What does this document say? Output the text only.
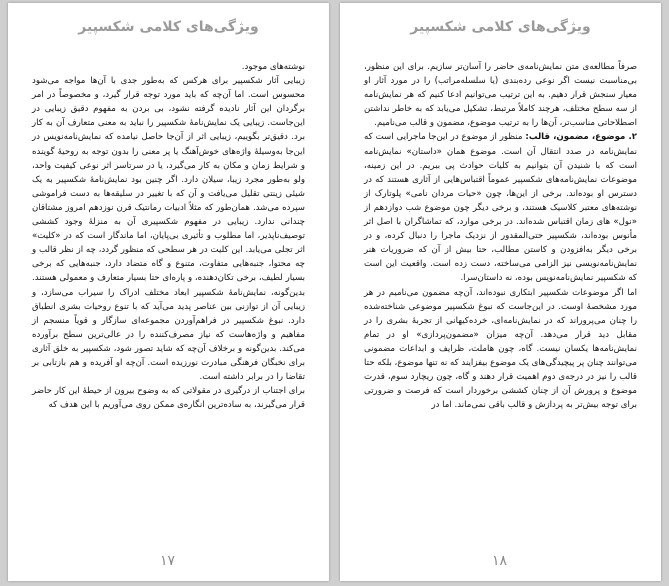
ویژگی‌های کلامی شکسپیر

نوشته‌های موجود.

زیبایی آثار شکسپیر برای هرکس که به‌طور جدی با آن‌ها مواجه می‌شود محسوس است. اما آن‌چه که باید مورد توجه قرار گیرد، و مخصوصاً در امر برگردان این آثار نادیده گرفته نشود، بی بردن به مفهوم دقیق زیبایی در این‌جاست. زیبایی یک نمایش‌نامهٔ شکسپیر را نباید به معنی متعارف آن به کار برد. دقیق‌تر بگوییم، زیبایی اثر از آن‌جا حاصل نیامده که نمایش‌نامه‌نویس در این‌جا به‌وسیلهٔ واژه‌های خوش‌آهنگ یا پر معنی را بدون توجه به روحیهٔ گوینده و شرایط زمان و مکان به کار می‌گیرد، یا در سرتاسر اثر نوعی کیفیت واحد، ولو به‌طور مجرد زیبا، سیلان دارد. اگر چنین بود نمایش‌نامهٔ شکسپیر به یک شیئی زینتی تقلیل می‌یافت و آن که با تغییر در سلیقه‌ها به دست فراموشی سپرده می‌شد. همان‌طور که مثلاً ادبیات رمانتیک قرن نوزدهم امروز مشتاقان چندانی ندارد. زیبایی در مفهوم شکسپیری آن به منزلهٔ وجود کششی توصیف‌ناپذیر، اما مطلوب و تأثیری بی‌پایان، اما ماندگار است که در «کلیت» اثر تجلی می‌یابد. این کلیت در هر سطحی که منظور گردد، چه از نظر قالب و چه محتوا، جنبه‌هایی متفاوت، متنوع و گاه متضاد دارد، جنبه‌هایی که برخی بسیار لطیف، برخی تکان‌دهنده، و پاره‌ای حتا بسیار متعارف و معمولی هستند. بدین‌گونه، نمایش‌نامهٔ شکسپیر ابعاد مختلف ادراک را سیراب می‌سازد، و زیبایی آن از توازنی بین عناصر پدید می‌آید که با تنوع روحیات بشری انطباق دارد. نبوغ شکسپیر در فراهم‌آوردن مجموعه‌ای سازگار و قویاً منسجم از مفاهیم و واژه‌هاست که نیاز مصرف‌کننده را در عالی‌ترین سطح برآورده می‌کند. بدین‌گونه و برخلاف آن‌چه که شاید تصور شود، شکسپیر به خلق آثاری برای نخبگان فرهنگی مبادرت نورزیده است. آن‌چه او آفریده و هم بازتابی بر تقاضا را در برابر داشته است.

برای اجتناب از درگیری در مقولاتی که به وضوح بیرون از حیطهٔ این کار حاضر قرار می‌گیرند، به ساده‌ترین انگاره‌ی ممکن روی می‌آوریم با این هدف که

۱۷
ویژگی‌های کلامی شکسپیر

صرفاً مطالعه‌ی متن نمایش‌نامه‌ی حاضر را آسان‌تر سازیم. برای این منظور، بی‌مناسبت نیست اگر نوعی رده‌بندی (یا سلسله‌مراتب) را در مورد آثار او معیار سنجش قرار دهیم. به این ترتیب می‌توانیم ادعا کنیم که هر نمایش‌نامه از سه سطح مختلف، هرچند کاملاً مرتبط، تشکیل می‌یابد که به خاطر نداشتن اصطلاحاتی مناسب‌تر، آن‌ها را به ترتیب موضوع، مضمون و قالب می‌نامیم.

۲. موضوع، مضمون، قالب: منظور از موضوع در این‌جا ماجرایی است که نمایش‌نامه در صدد انتقال آن است. موضوع همان «داستان» نمایش‌نامه است که با شنیدن آن بتوانیم به کلیات حوادث پی ببریم. در این زمینه، موضوعات نمایش‌نامه‌های شکسپیر عموماً اقتباس‌هایی از آثاری هستند که در دسترس او بوده‌اند. برخی از این‌ها، چون «حیات مردان نامی» پلوتارک از نوشته‌های معتبر کلاسیک هستند، و برخی دیگر چون موضوع شب دوازدهم از «نول» های زمان اقتباس شده‌اند. در برخی موارد، که تماشاگران با اصل اثر مأنوس بوده‌اند، شکسپیر حتی‌المقدور از نزدیک ماجرا را دنبال کرده، و در برخی دیگر به‌افزودن و کاستن مطالب، حتا بیش از آن که ضروریات هنر نمایش‌نامه‌نویسی نیز الزامی می‌ساخته، دست زده است. واقعیت این است که شکسپیر نمایش‌نامه‌نویس بوده، نه داستان‌سرا.

اما اگر موضوعات شکسپیر ابتکاری نبوده‌اند، آن‌چه مضمون می‌نامیم در هر مورد مشخصهٔ اوست. در این‌جاست که نبوغ شکسپیر موضوعی شناخته‌شده را چنان می‌پروراند که در نمایش‌نامه‌ای، خرده‌کیهانی از تجربهٔ بشری را در مقابل دید قرار می‌دهد. آن‌چه میزان «مضمون‌پردازی» او در تمام نمایش‌نامه‌ها یکسان نیست. گاه، چون هاملت، ظرایف و ابداعات مضمونی می‌توانند چنان پر پیچیدگی‌های یک موضوع بیفزایند که نه تنها موضوع، بلکه حتا قالب را نیز در درجه‌ی دوم اهمیت قرار دهند و گاه، چون ریچارد سوم، قدرت موضوع و پرورش آن از چنان کششی برخوردار است که فرصت و ضرورتی برای توجه بیش‌تر به پردازش و قالب باقی نمی‌ماند. اما در

۱۸
